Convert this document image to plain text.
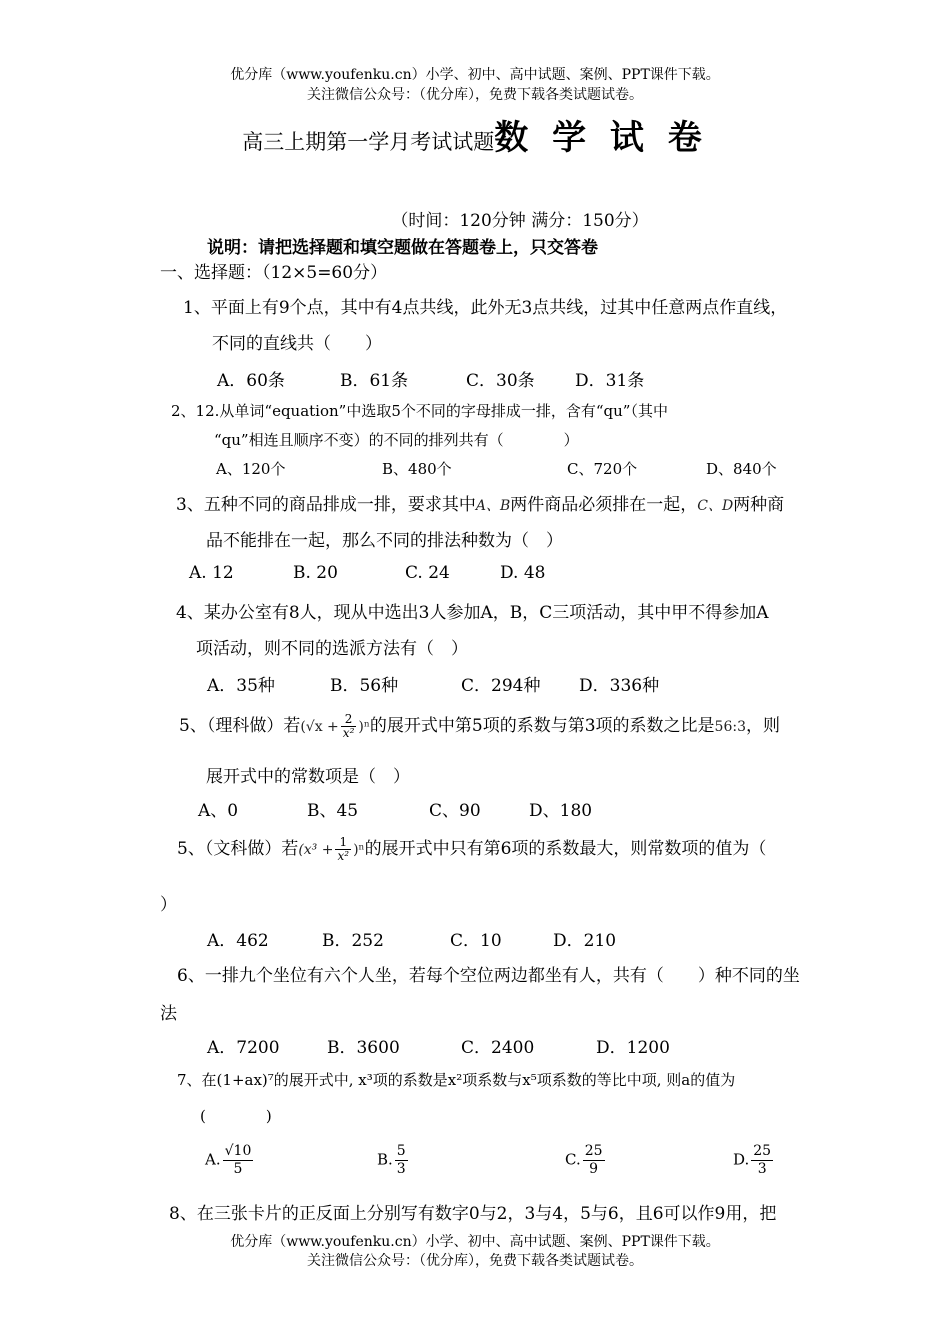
优分库（www.youfenku.cn）小学、初中、高中试题、案例、PPT课件下载。
关注微信公众号：（优分库），免费下载各类试题试卷。
高三上期第一学月考试试题数 学 试 卷
（时间：120分钟 满分：150分）
说明：请把选择题和填空题做在答题卷上，只交答卷
一、选择题：（12×5=60分）
1、平面上有9个点，其中有4点共线，此外无3点共线，过其中任意两点作直线，
不同的直线共（　　）
A．60条	B．61条	C．30条 D．31条
2、12.从单词“equation”中选取5个不同的字母排成一排，含有“qu”（其中
“qu”相连且顺序不变）的不同的排列共有（　　　　）
A、120个	B、480个	C、720个	D、840个
3、五种不同的商品排成一排，要求其中A、B两件商品必须排在一起，C、D两种商
品不能排在一起，那么不同的排法种数为（　）
A. 12	B. 20	C. 24	D. 48
4、某办公室有8人，现从中选出3人参加A，B，C三项活动，其中甲不得参加A
项活动，则不同的选派方法有（　）
A．35种	B．56种	C．294种 D．336种
5、（理科做）若$(√x + \frac{2}{\text{x²}} )^n$的展开式中第5项的系数与第3项的系数之比是56:3，则
展开式中的常数项是（　）
A、0	B、45	C、90	D、180
5、（文科做）若$(x^3 + \frac{1}{\text{x²}} )^n$的展开式中只有第6项的系数最大，则常数项的值为（
）
A．462	B．252	C．10	D．210
6、一排九个坐位有六个人坐，若每个空位两边都坐有人，共有（　　）种不同的坐
法
A．7200	B．3600	C．2400	D．1200
7、在(1+ax)⁷的展开式中, x³项的系数是x²项系数与x⁵项系数的等比中项, 则a的值为
(　　　　)
A. $\frac{√10}{5}$	B. $\frac{5}{3}$	C. $\frac{25}{9}$	D. $\frac{25}{3}$
8、在三张卡片的正反面上分别写有数字0与2，3与4，5与6，且6可以作9用，把
优分库（www.youfenku.cn）小学、初中、高中试题、案例、PPT课件下载。
关注微信公众号：（优分库），免费下载各类试题试卷。
